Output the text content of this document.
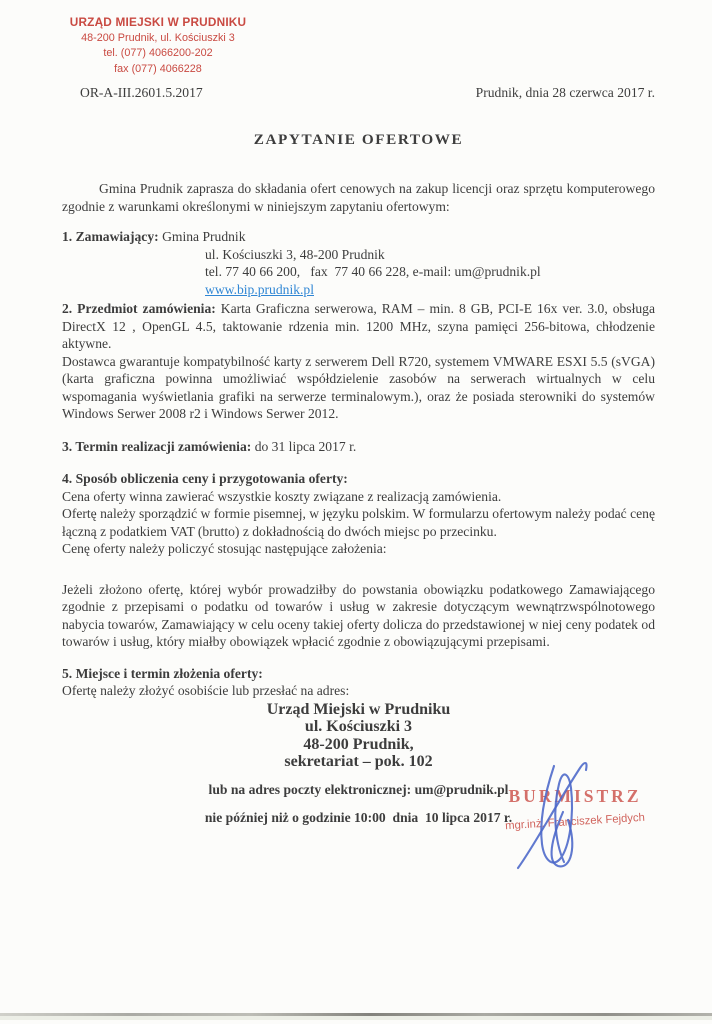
URZĄD MIEJSKI W PRUDNIKU
48-200 Prudnik, ul. Kościuszki 3
tel. (077) 4066200-202
fax (077) 4066228
OR-A-III.2601.5.2017	Prudnik, dnia 28 czerwca 2017 r.
ZAPYTANIE OFERTOWE

Gmina Prudnik zaprasza do składania ofert cenowych na zakup licencji oraz sprzętu komputerowego zgodnie z warunkami określonymi w niniejszym zapytaniu ofertowym:

1. Zamawiający: Gmina Prudnik

ul. Kościuszki 3, 48-200 Prudnik
tel. 77 40 66 200,   fax  77 40 66 228, e-mail: um@prudnik.pl
www.bip.prudnik.pl

2. Przedmiot zamówienia: Karta Graficzna serwerowa, RAM – min. 8 GB, PCI-E 16x ver. 3.0, obsługa DirectX 12 , OpenGL 4.5, taktowanie rdzenia min. 1200 MHz, szyna pamięci 256-bitowa, chłodzenie aktywne.

Dostawca gwarantuje kompatybilność karty z serwerem Dell R720, systemem VMWARE ESXI 5.5 (sVGA) (karta graficzna powinna umożliwiać współdzielenie zasobów na serwerach wirtualnych w celu wspomagania wyświetlania grafiki na serwerze terminalowym.), oraz że posiada sterowniki do systemów Windows Serwer 2008 r2 i Windows Serwer 2012.

3. Termin realizacji zamówienia: do 31 lipca 2017 r.

4. Sposób obliczenia ceny i przygotowania oferty:

Cena oferty winna zawierać wszystkie koszty związane z realizacją zamówienia.

Ofertę należy sporządzić w formie pisemnej, w języku polskim. W formularzu ofertowym należy podać cenę łączną z podatkiem VAT (brutto) z dokładnością do dwóch miejsc po przecinku.

Cenę oferty należy policzyć stosując następujące założenia:

Jeżeli złożono ofertę, której wybór prowadziłby do powstania obowiązku podatkowego Zamawiającego zgodnie z przepisami o podatku od towarów i usług w zakresie dotyczącym wewnątrzwspólnotowego nabycia towarów, Zamawiający w celu oceny takiej oferty dolicza do przedstawionej w niej ceny podatek od towarów i usług, który miałby obowiązek wpłacić zgodnie z obowiązującymi przepisami.

5. Miejsce i termin złożenia oferty:

Ofertę należy złożyć osobiście lub przesłać na adres:

Urząd Miejski w Prudniku
ul. Kościuszki 3
48-200 Prudnik,
sekretariat – pok. 102

lub na adres poczty elektronicznej: um@prudnik.pl

nie później niż o godzinie 10:00  dnia  10 lipca 2017 r.

BURMISTRZ
mgr.inż. Franciszek Fejdych
